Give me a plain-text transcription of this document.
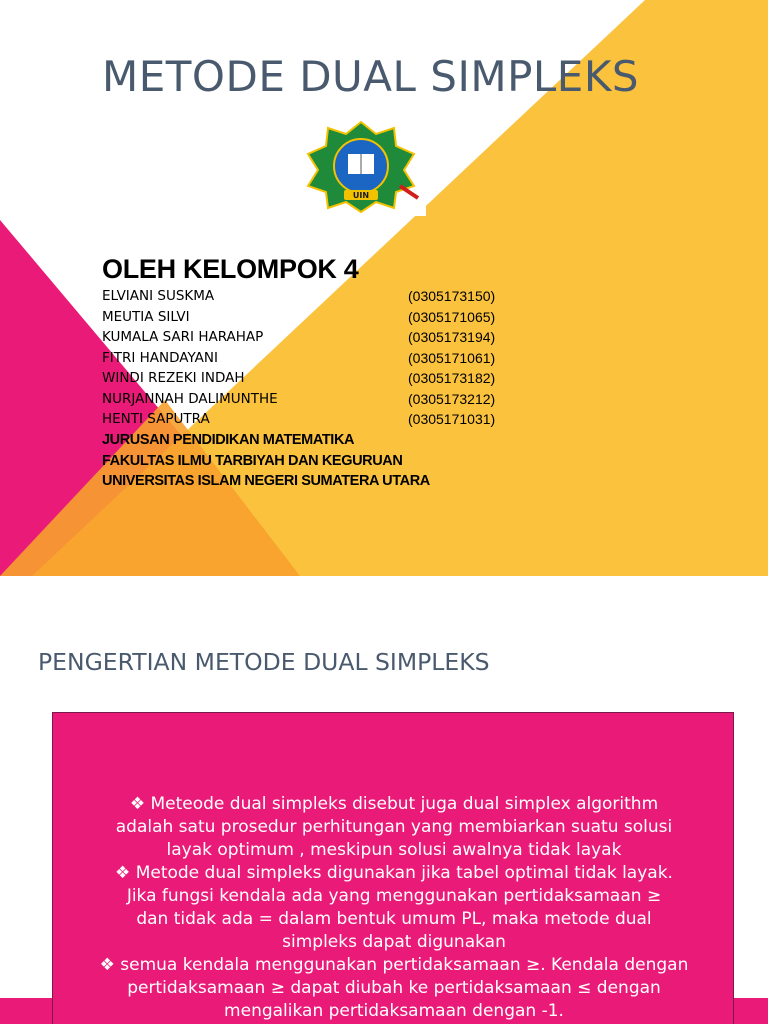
METODE DUAL SIMPLEKS
UIN
OLEH KELOMPOK 4
ELVIANI SUSKMA	(0305173150)
MEUTIA SILVI	(0305171065)
KUMALA SARI HARAHAP	(0305173194)
FITRI HANDAYANI	(0305171061)
WINDI REZEKI INDAH	(0305173182)
NURJANNAH DALIMUNTHE	(0305173212)
HENTI SAPUTRA	(0305171031)
JURUSAN PENDIDIKAN MATEMATIKA
FAKULTAS ILMU TARBIYAH DAN KEGURUAN
UNIVERSITAS ISLAM NEGERI SUMATERA UTARA
PENGERTIAN METODE DUAL SIMPLEKS
❖ Meteode dual simpleks disebut juga dual simplex algorithm
adalah satu prosedur perhitungan yang membiarkan suatu solusi
layak optimum , meskipun solusi awalnya tidak layak
❖ Metode dual simpleks digunakan jika tabel optimal tidak layak.
Jika fungsi kendala ada yang menggunakan pertidaksamaan ≥
dan tidak ada = dalam bentuk umum PL, maka metode dual
simpleks dapat digunakan
❖ semua kendala menggunakan pertidaksamaan ≥. Kendala dengan
pertidaksamaan ≥ dapat diubah ke pertidaksamaan ≤ dengan
mengalikan pertidaksamaan dengan -1.
